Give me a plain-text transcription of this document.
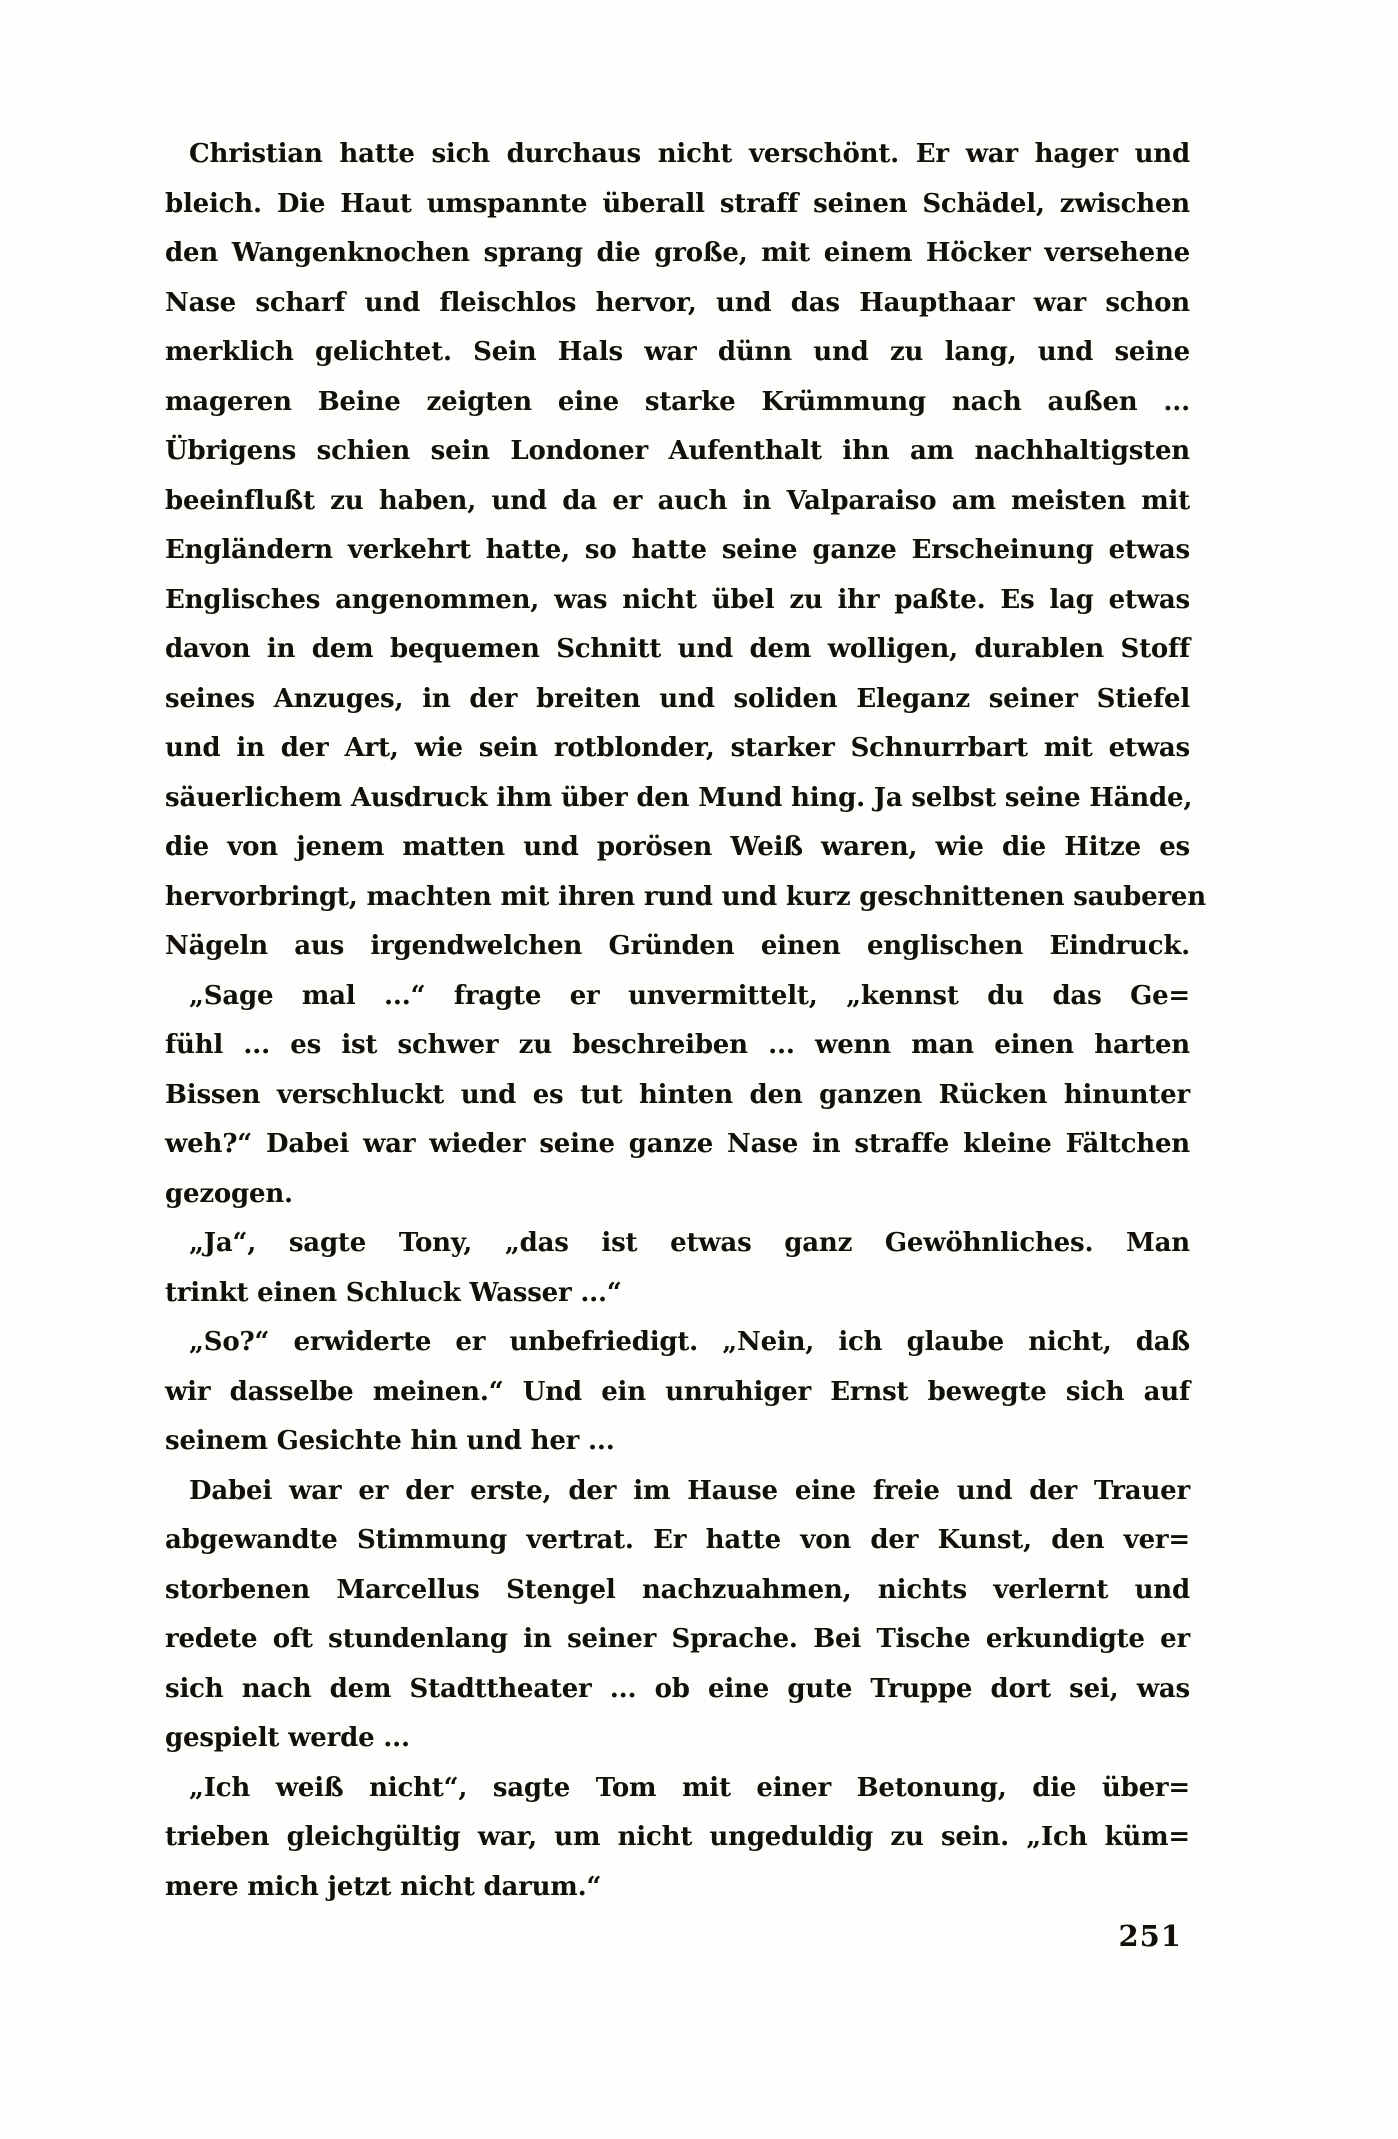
Christian hatte sich durchaus nicht verschönt. Er war hager und
bleich. Die Haut umspannte überall straff seinen Schädel, zwischen
den Wangenknochen sprang die große, mit einem Höcker versehene
Nase scharf und fleischlos hervor, und das Haupthaar war schon
merklich gelichtet. Sein Hals war dünn und zu lang, und seine
mageren Beine zeigten eine starke Krümmung nach außen ...
Übrigens schien sein Londoner Aufenthalt ihn am nachhaltigsten
beeinflußt zu haben, und da er auch in Valparaiso am meisten mit
Engländern verkehrt hatte, so hatte seine ganze Erscheinung etwas
Englisches angenommen, was nicht übel zu ihr paßte. Es lag etwas
davon in dem bequemen Schnitt und dem wolligen, durablen Stoff
seines Anzuges, in der breiten und soliden Eleganz seiner Stiefel
und in der Art, wie sein rotblonder, starker Schnurrbart mit etwas
säuerlichem Ausdruck ihm über den Mund hing. Ja selbst seine Hände,
die von jenem matten und porösen Weiß waren, wie die Hitze es
hervorbringt, machten mit ihren rund und kurz geschnittenen sauberen
Nägeln aus irgendwelchen Gründen einen englischen Eindruck.
„Sage mal ...“ fragte er unvermittelt, „kennst du das Ge=
fühl ... es ist schwer zu beschreiben ... wenn man einen harten
Bissen verschluckt und es tut hinten den ganzen Rücken hinunter
weh?“ Dabei war wieder seine ganze Nase in straffe kleine Fältchen
gezogen.
„Ja“, sagte Tony, „das ist etwas ganz Gewöhnliches. Man
trinkt einen Schluck Wasser ...“
„So?“ erwiderte er unbefriedigt. „Nein, ich glaube nicht, daß
wir dasselbe meinen.“ Und ein unruhiger Ernst bewegte sich auf
seinem Gesichte hin und her ...
Dabei war er der erste, der im Hause eine freie und der Trauer
abgewandte Stimmung vertrat. Er hatte von der Kunst, den ver=
storbenen Marcellus Stengel nachzuahmen, nichts verlernt und
redete oft stundenlang in seiner Sprache. Bei Tische erkundigte er
sich nach dem Stadttheater ... ob eine gute Truppe dort sei, was
gespielt werde ...
„Ich weiß nicht“, sagte Tom mit einer Betonung, die über=
trieben gleichgültig war, um nicht ungeduldig zu sein. „Ich küm=
mere mich jetzt nicht darum.“
251
